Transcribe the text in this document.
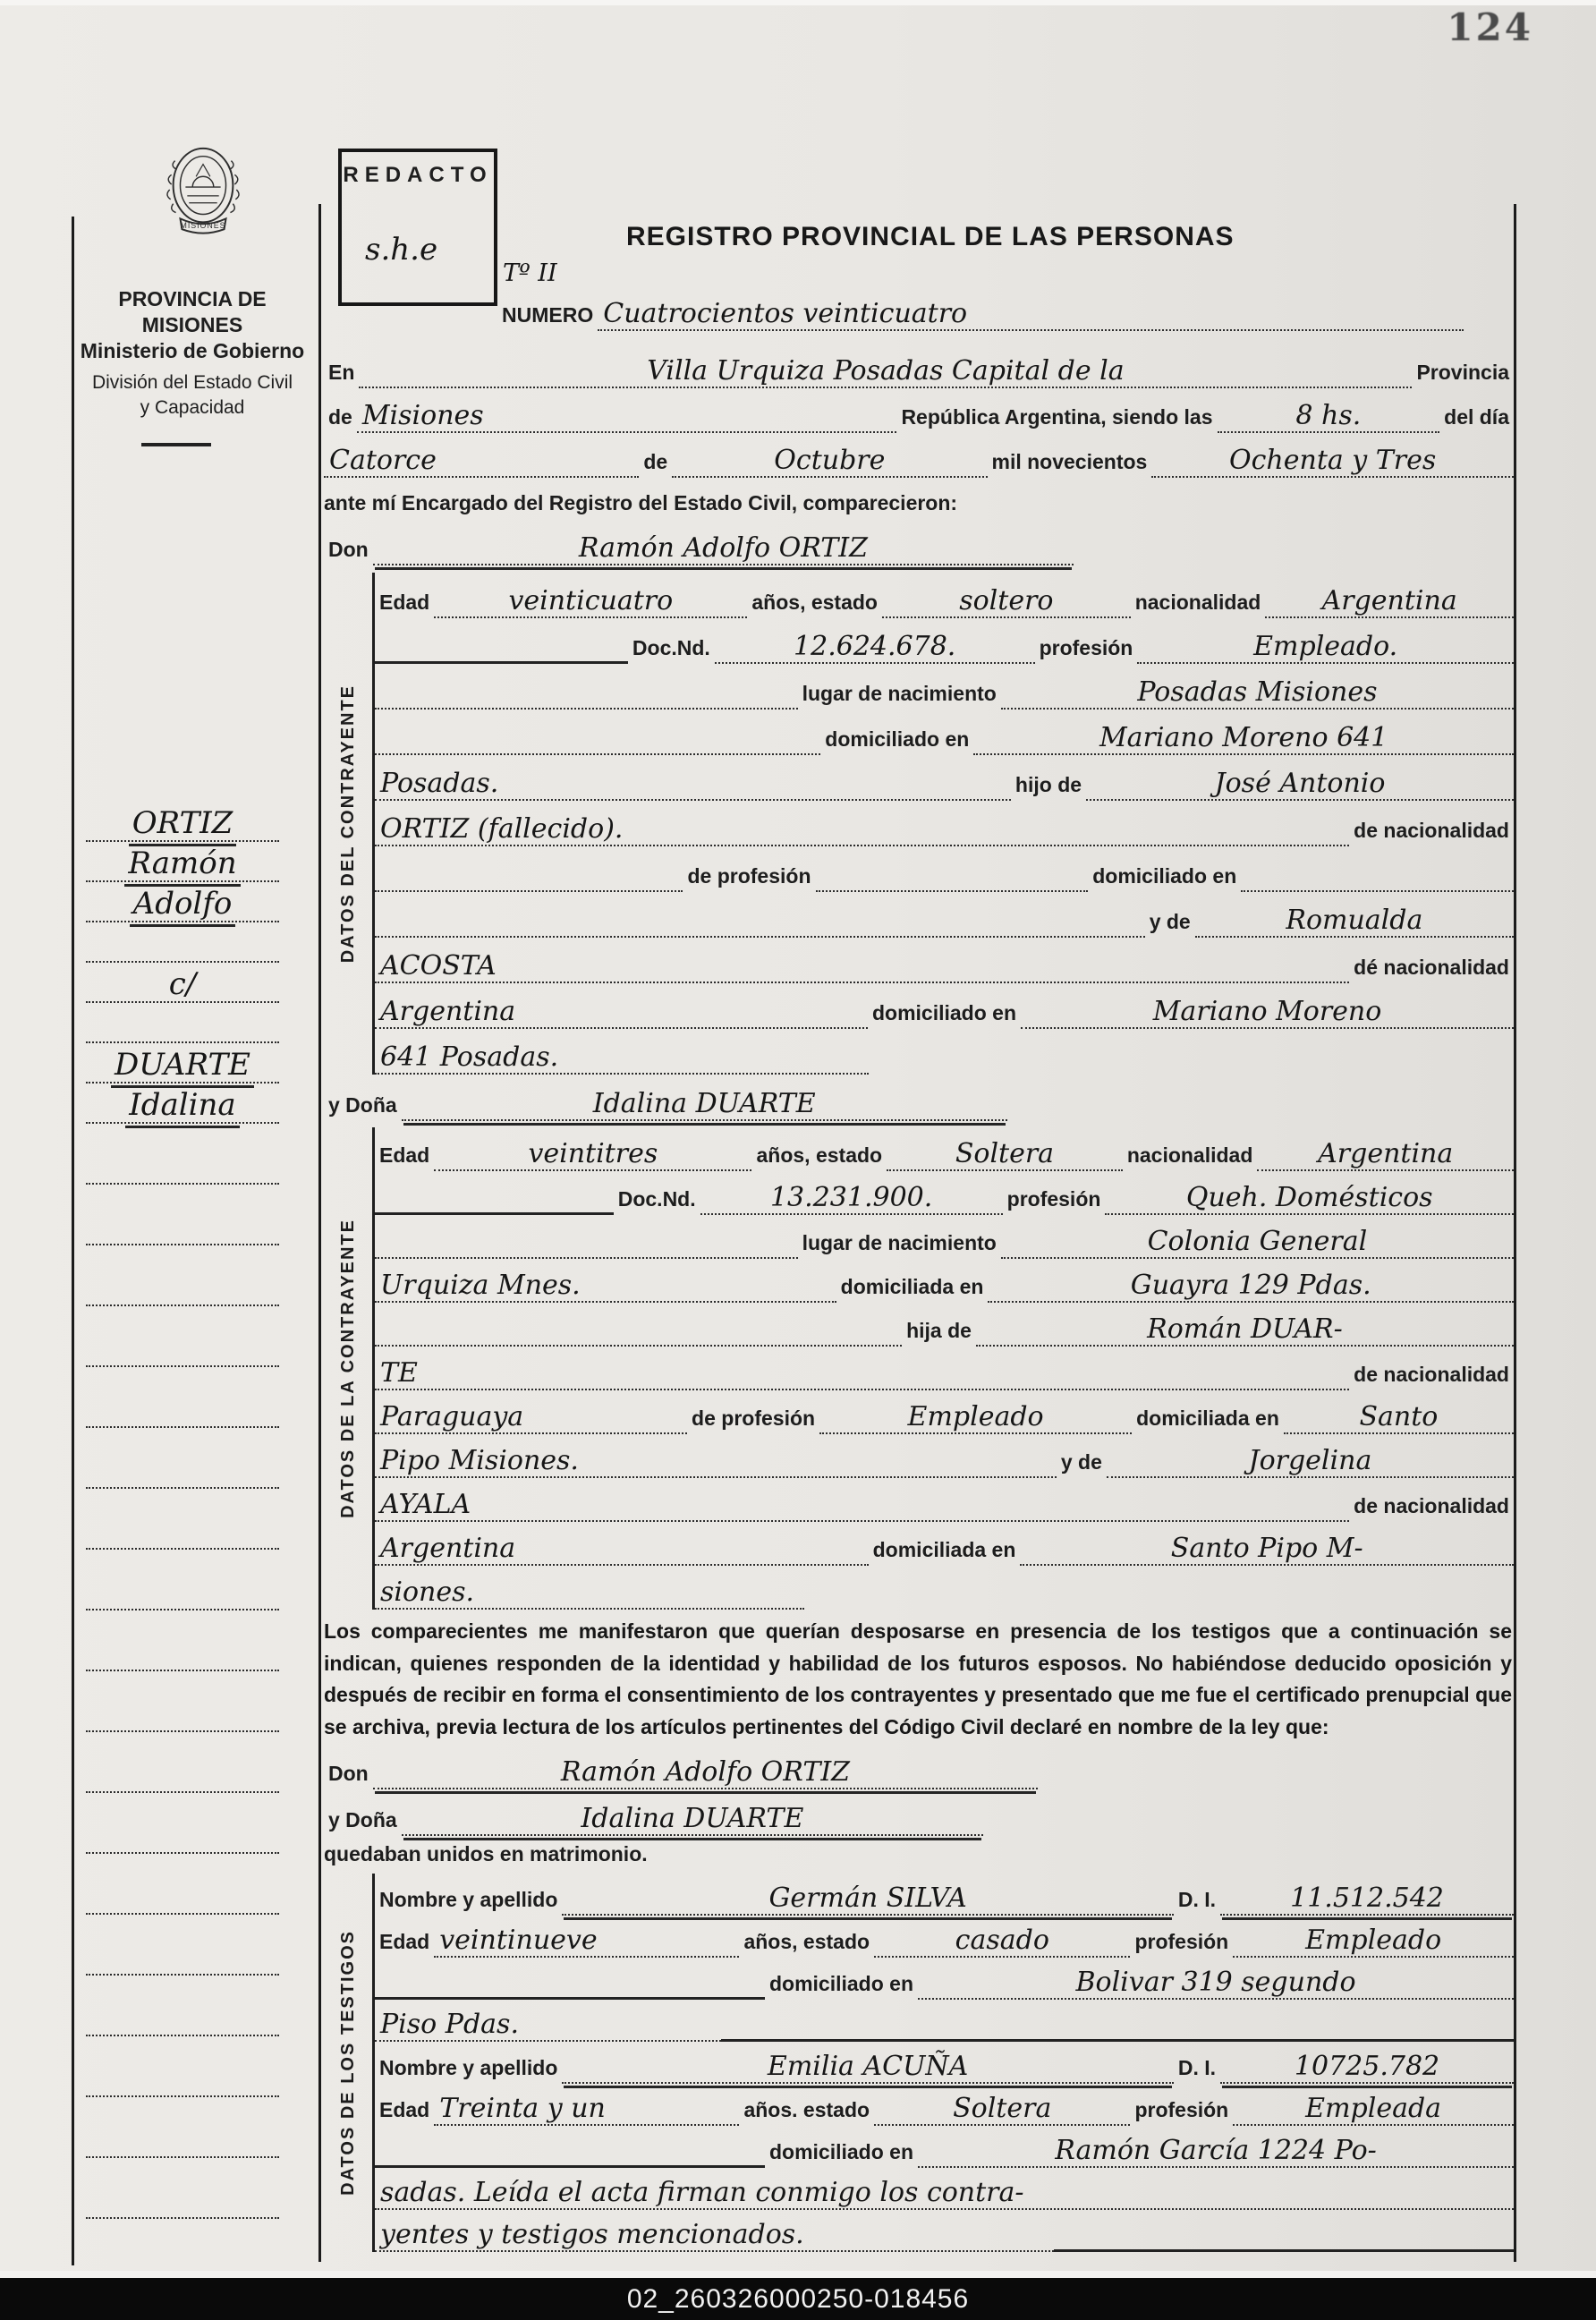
124
MISIONES
PROVINCIA DE MISIONES
Ministerio de Gobierno
División del Estado Civil
y Capacidad
ORTIZ
Ramón
Adolfo
c/
DUARTE
Idalina
REDACTO
s.h.e
Tº II
REGISTRO PROVINCIAL DE LAS PERSONAS
NUMERO Cuatrocientos veinticuatro
En	Villa Urquiza Posadas Capital de la	Provincia
de Misiones	República Argentina, siendo las	8 hs.	del día
Catorce	de	Octubre	mil novecientos	Ochenta y Tres
ante mí Encargado del Registro del Estado Civil, comparecieron:
Don	Ramón Adolfo ORTIZ
DATOS DEL CONTRAYENTE
Edad	veinticuatro	años, estado	soltero	nacionalidad	Argentina
Doc.Nd.	12.624.678.	profesión	Empleado.
lugar de nacimiento	Posadas Misiones
domiciliado en	Mariano Moreno 641
Posadas.	hijo de	José Antonio
ORTIZ (fallecido).	de nacionalidad
de profesión	domiciliado en
y de	Romualda
ACOSTA	dé nacionalidad
Argentina	domiciliado en	Mariano Moreno
641 Posadas.
y Doña	Idalina DUARTE
DATOS DE LA CONTRAYENTE
Edad	veintitres	años, estado	Soltera	nacionalidad	Argentina
Doc.Nd.	13.231.900.	profesión	Queh. Domésticos
lugar de nacimiento	Colonia General
Urquiza Mnes.	domiciliada en	Guayra 129 Pdas.
hija de	Román DUAR-
TE	de nacionalidad
Paraguaya	de profesión	Empleado	domiciliada en	Santo
Pipo Misiones.	y de	Jorgelina
AYALA	de nacionalidad
Argentina	domiciliada en	Santo Pipo M-
siones.
Los comparecientes me manifestaron que querían desposarse en presencia de los testigos que a continuación se indican, quienes responden de la identidad y habilidad de los futuros esposos. No habiéndose deducido oposición y después de recibir en forma el consentimiento de los contrayentes y presentado que me fue el certificado prenupcial que se archiva, previa lectura de los artículos pertinentes del Código Civil declaré en nombre de la ley que:
Don	Ramón Adolfo ORTIZ
y Doña	Idalina DUARTE
quedaban unidos en matrimonio.
DATOS DE LOS TESTIGOS
Nombre y apellido	Germán SILVA	D. I.	11.512.542
Edad veintinueve	años, estado	casado	profesión	Empleado
domiciliado en	Bolivar 319 segundo
Piso Pdas.
Nombre y apellido	Emilia ACUÑA	D. I.	10725.782
Edad Treinta y un	años. estado	Soltera	profesión	Empleada
domiciliado en	Ramón García 1224 Po-
sadas. Leída el acta firman conmigo los contra-
yentes y testigos mencionados.
02_260326000250-018456
